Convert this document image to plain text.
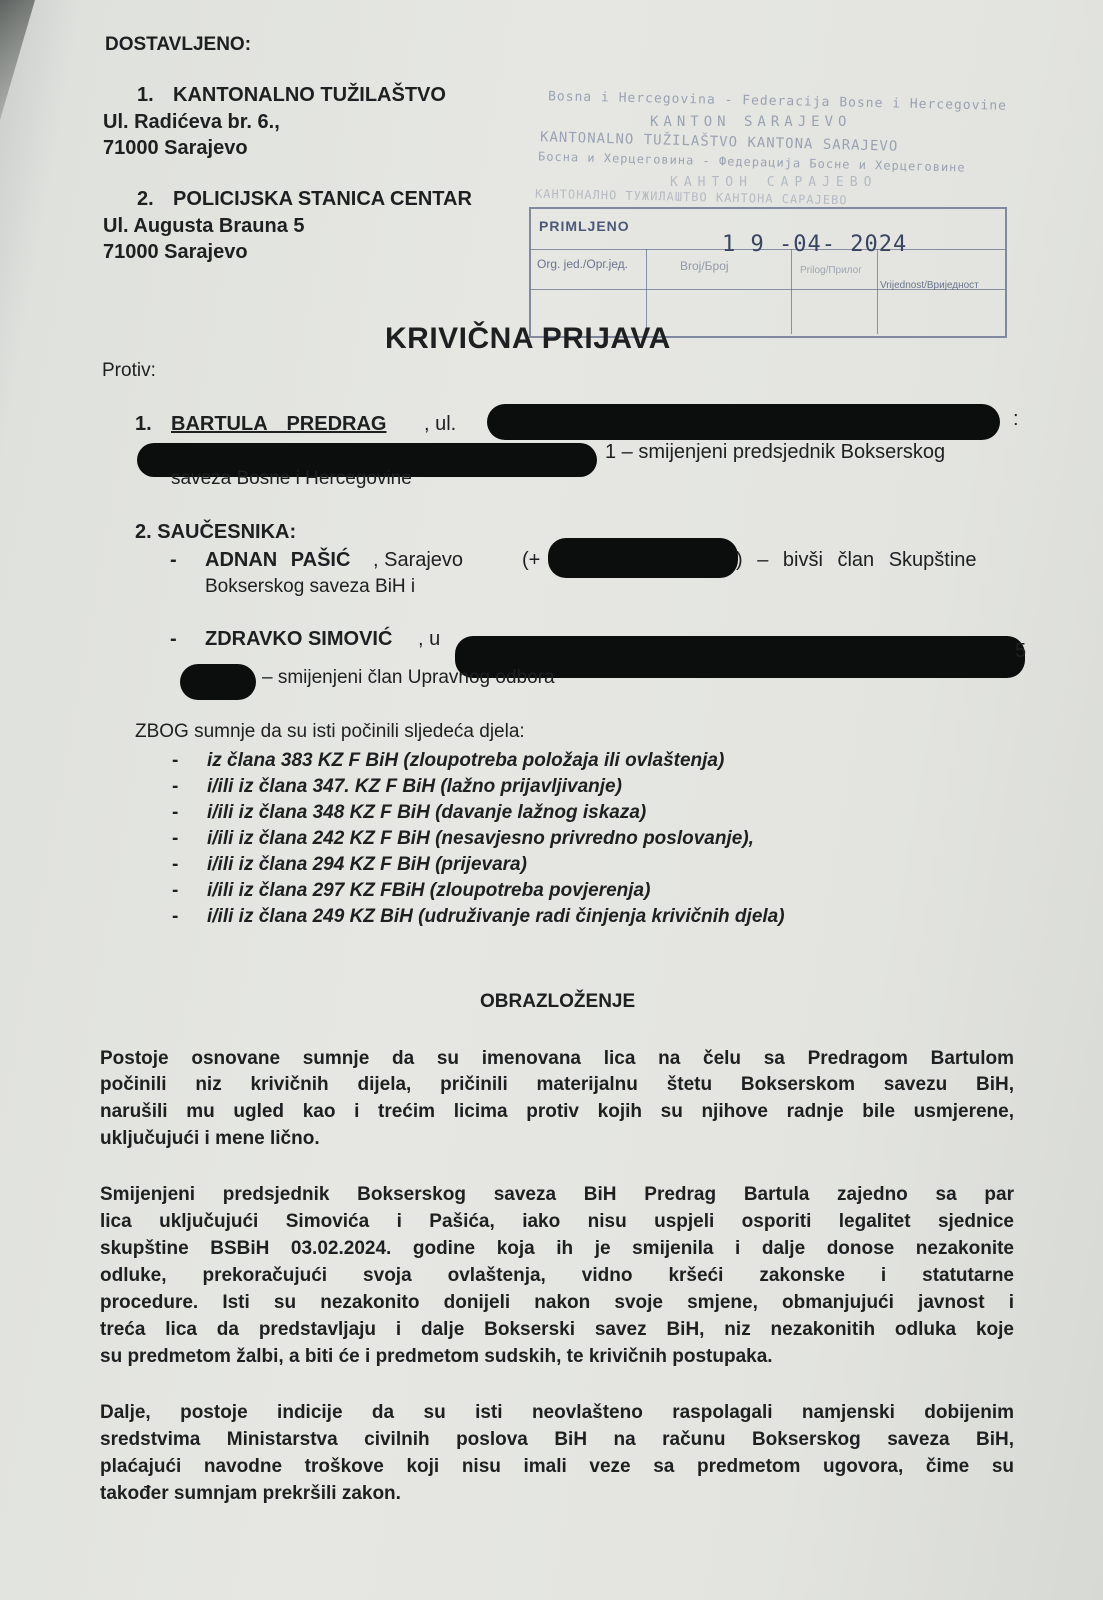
DOSTAVLJENO:
1. KANTONALNO TUŽILAŠTVO
Ul. Radićeva br. 6.,
71000 Sarajevo
2. POLICIJSKA STANICA CENTAR
Ul. Augusta Brauna 5
71000 Sarajevo
Bosna i Hercegovina - Federacija Bosne i Hercegovine
KANTON SARAJEVO
KANTONALNO TUŽILAŠTVO KANTONA SARAJEVO
Босна и Херцеговина - Федерација Босне и Херцеговине
КАНТОН САРАЈЕВО
КАНТОНАЛНО ТУЖИЛАШТВО КАНТОНА САРАЈЕВО
PRIMLJENO
1 9 -04- 2024
Org. jed./Орг.јед.	Broj/Број	Prilog/Прилог
Vrijednost/Вриједност
KRIVIČNA PRIJAVA
Protiv:
1. BARTULA PREDRAG , ul.	:
1 – smijenjeni predsjednik Bokserskog
saveza Bosne i Hercegovine
2. SAUČESNIKA:
- ADNAN PAŠIĆ , Sarajevo	(+	) – bivši član Skupštine
Bokserskog saveza BiH i
- ZDRAVKO SIMOVIĆ , u
5
– smijenjeni član Upravnog odbora
ZBOG sumnje da su isti počinili sljedeća djela:
- iz člana 383 KZ F BiH (zloupotreba položaja ili ovlaštenja)
- i/ili iz člana 347. KZ F BiH (lažno prijavljivanje)
- i/ili iz člana 348 KZ F BiH (davanje lažnog iskaza)
- i/ili iz člana 242 KZ F BiH (nesavjesno privredno poslovanje),
- i/ili iz člana 294 KZ F BiH (prijevara)
- i/ili iz člana 297 KZ FBiH (zloupotreba povjerenja)
- i/ili iz člana 249 KZ BiH (udruživanje radi činjenja krivičnih djela)
OBRAZLOŽENJE
Postoje osnovane sumnje da su imenovana lica na čelu sa Predragom Bartulom
počinili niz krivičnih dijela, pričinili materijalnu štetu Bokserskom savezu BiH,
narušili mu ugled kao i trećim licima protiv kojih su njihove radnje bile usmjerene,
uključujući i mene lično.
Smijenjeni predsjednik Bokserskog saveza BiH Predrag Bartula zajedno sa par
lica uključujući Simovića i Pašića, iako nisu uspjeli osporiti legalitet sjednice
skupštine BSBiH 03.02.2024. godine koja ih je smijenila i dalje donose nezakonite
odluke, prekoračujući svoja ovlaštenja, vidno kršeći zakonske i statutarne
procedure. Isti su nezakonito donijeli nakon svoje smjene, obmanjujući javnost i
treća lica da predstavljaju i dalje Bokserski savez BiH, niz nezakonitih odluka koje
su predmetom žalbi, a biti će i predmetom sudskih, te krivičnih postupaka.
Dalje, postoje indicije da su isti neovlašteno raspolagali namjenski dobijenim
sredstvima Ministarstva civilnih poslova BiH na računu Bokserskog saveza BiH,
plaćajući navodne troškove koji nisu imali veze sa predmetom ugovora, čime su
također sumnjam prekršili zakon.
